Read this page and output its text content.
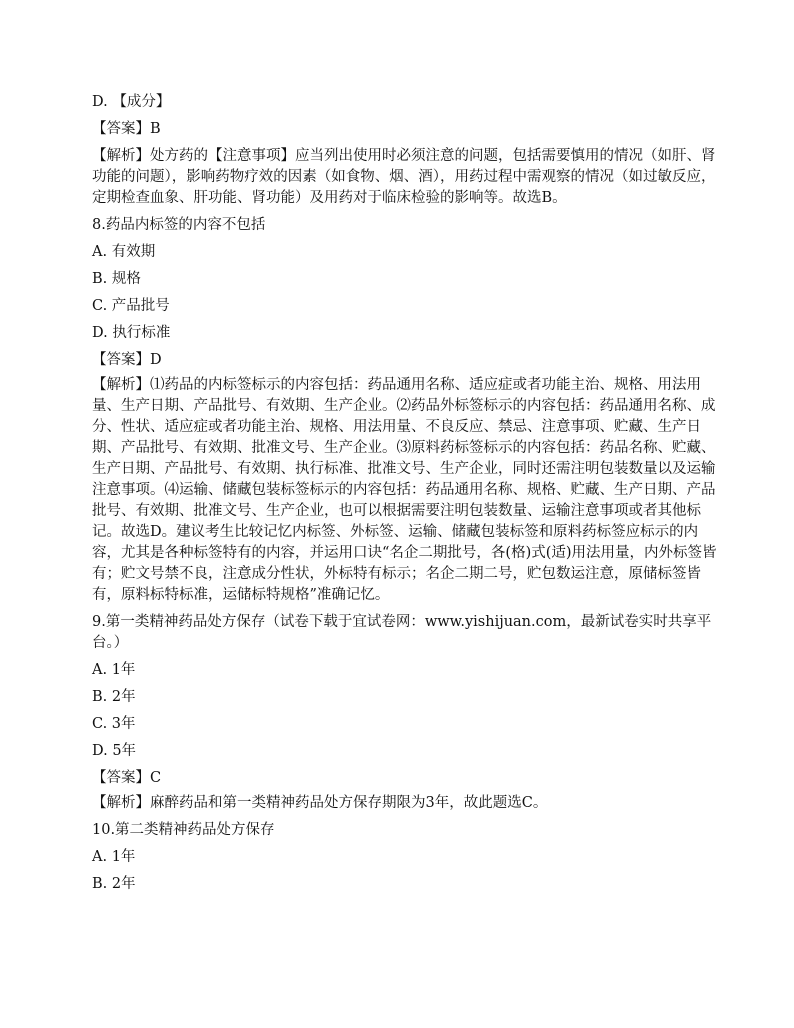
D. 【成分】

【答案】B

【解析】处方药的【注意事项】应当列出使用时必须注意的问题，包括需要慎用的情况（如肝、肾功能的问题），影响药物疗效的因素（如食物、烟、酒），用药过程中需观察的情况（如过敏反应，定期检查血象、肝功能、肾功能）及用药对于临床检验的影响等。故选B。

8.药品内标签的内容不包括

A. 有效期

B. 规格

C. 产品批号

D. 执行标准

【答案】D

【解析】⑴药品的内标签标示的内容包括：药品通用名称、适应症或者功能主治、规格、用法用量、生产日期、产品批号、有效期、生产企业。⑵药品外标签标示的内容包括：药品通用名称、成分、性状、适应症或者功能主治、规格、用法用量、不良反应、禁忌、注意事项、贮藏、生产日期、产品批号、有效期、批准文号、生产企业。⑶原料药标签标示的内容包括：药品名称、贮藏、生产日期、产品批号、有效期、执行标准、批准文号、生产企业，同时还需注明包装数量以及运输注意事项。⑷运输、储藏包装标签标示的内容包括：药品通用名称、规格、贮藏、生产日期、产品批号、有效期、批准文号、生产企业，也可以根据需要注明包装数量、运输注意事项或者其他标记。故选D。建议考生比较记忆内标签、外标签、运输、储藏包装标签和原料药标签应标示的内容，尤其是各种标签特有的内容，并运用口诀“名企二期批号，各(格)式(适)用法用量，内外标签皆有；贮文号禁不良，注意成分性状，外标特有标示；名企二期二号，贮包数运注意，原储标签皆有，原料标特标准，运储标特规格”准确记忆。

9.第一类精神药品处方保存（试卷下载于宜试卷网：www.yishijuan.com，最新试卷实时共享平台。）

A. 1年

B. 2年

C. 3年

D. 5年

【答案】C

【解析】麻醉药品和第一类精神药品处方保存期限为3年，故此题选C。

10.第二类精神药品处方保存

A. 1年

B. 2年
